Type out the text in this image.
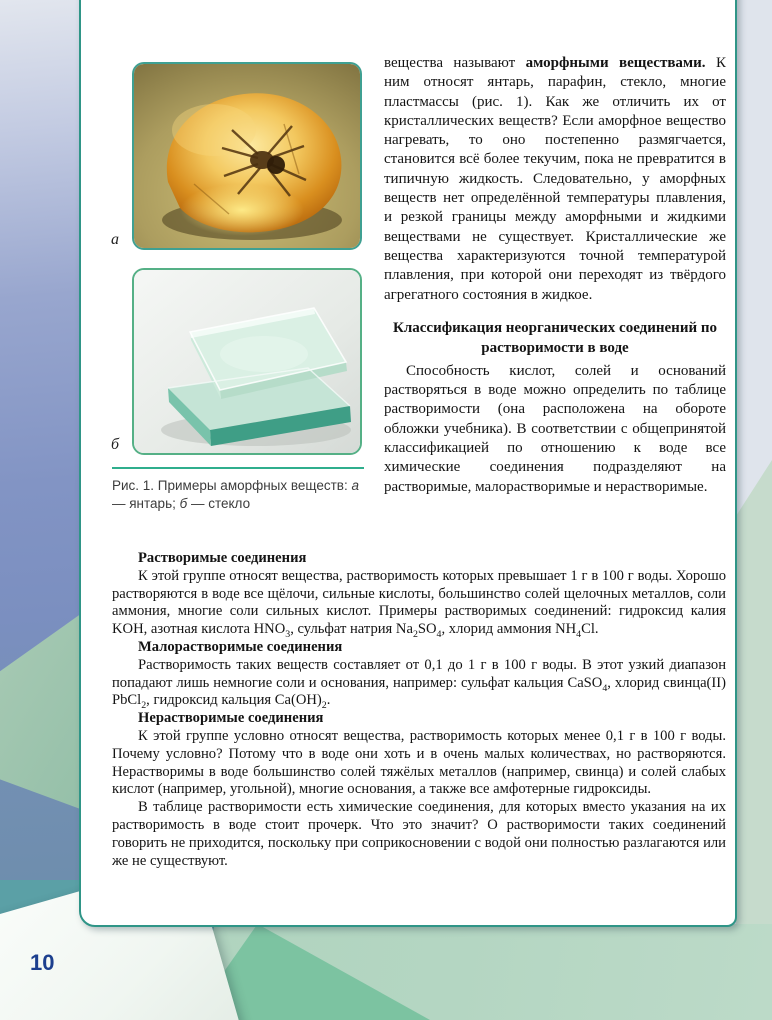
10
а
б
Рис. 1. Примеры аморфных веществ: а — янтарь; б — стекло

вещества называют аморфными веществами. К ним относят янтарь, парафин, стекло, многие пластмассы (рис. 1). Как же отличить их от кристаллических веществ? Если аморфное вещество нагревать, то оно постепенно размягчается, становится всё более текучим, пока не превратится в типичную жидкость. Следовательно, у аморфных веществ нет определённой температуры плавления, и резкой границы между аморфными и жидкими веществами не существует. Кристаллические же вещества характеризуются точной температурой плавления, при которой они переходят из твёрдого агрегатного состояния в жидкое.

Классификация неорганических соединений по растворимости в воде

Способность кислот, солей и оснований растворяться в воде можно определить по таблице растворимости (она расположена на обороте обложки учебника). В соответствии с общепринятой классификацией по отношению к воде все химические соединения подразделяют на растворимые, малорастворимые и нерастворимые.

Растворимые соединения

К этой группе относят вещества, растворимость которых превышает 1 г в 100 г воды. Хорошо растворяются в воде все щёлочи, сильные кислоты, большинство солей щелочных металлов, соли аммония, многие соли сильных кислот. Примеры растворимых соединений: гидроксид калия KOH, азотная кислота $HNO_3$, сульфат натрия $Na_2SO_4$, хлорид аммония $NH_4Cl$.

Малорастворимые соединения

Растворимость таких веществ составляет от 0,1 до 1 г в 100 г воды. В этот узкий диапазон попадают лишь немногие соли и основания, например: сульфат кальция CaSO$_4$, хлорид свинца(II) PbCl$_2$, гидроксид кальция $Ca(OH)_2$.

Нерастворимые соединения

К этой группе условно относят вещества, растворимость которых менее 0,1 г в 100 г воды. Почему условно? Потому что в воде они хоть и в очень малых количествах, но растворяются. Нерастворимы в воде большинство солей тяжёлых металлов (например, свинца) и солей слабых кислот (например, угольной), многие основания, а также все амфотерные гидроксиды.

В таблице растворимости есть химические соединения, для которых вместо указания на их растворимость в воде стоит прочерк. Что это значит? О растворимости таких соединений говорить не приходится, поскольку при соприкосновении с водой они полностью разлагаются или же не существуют.
